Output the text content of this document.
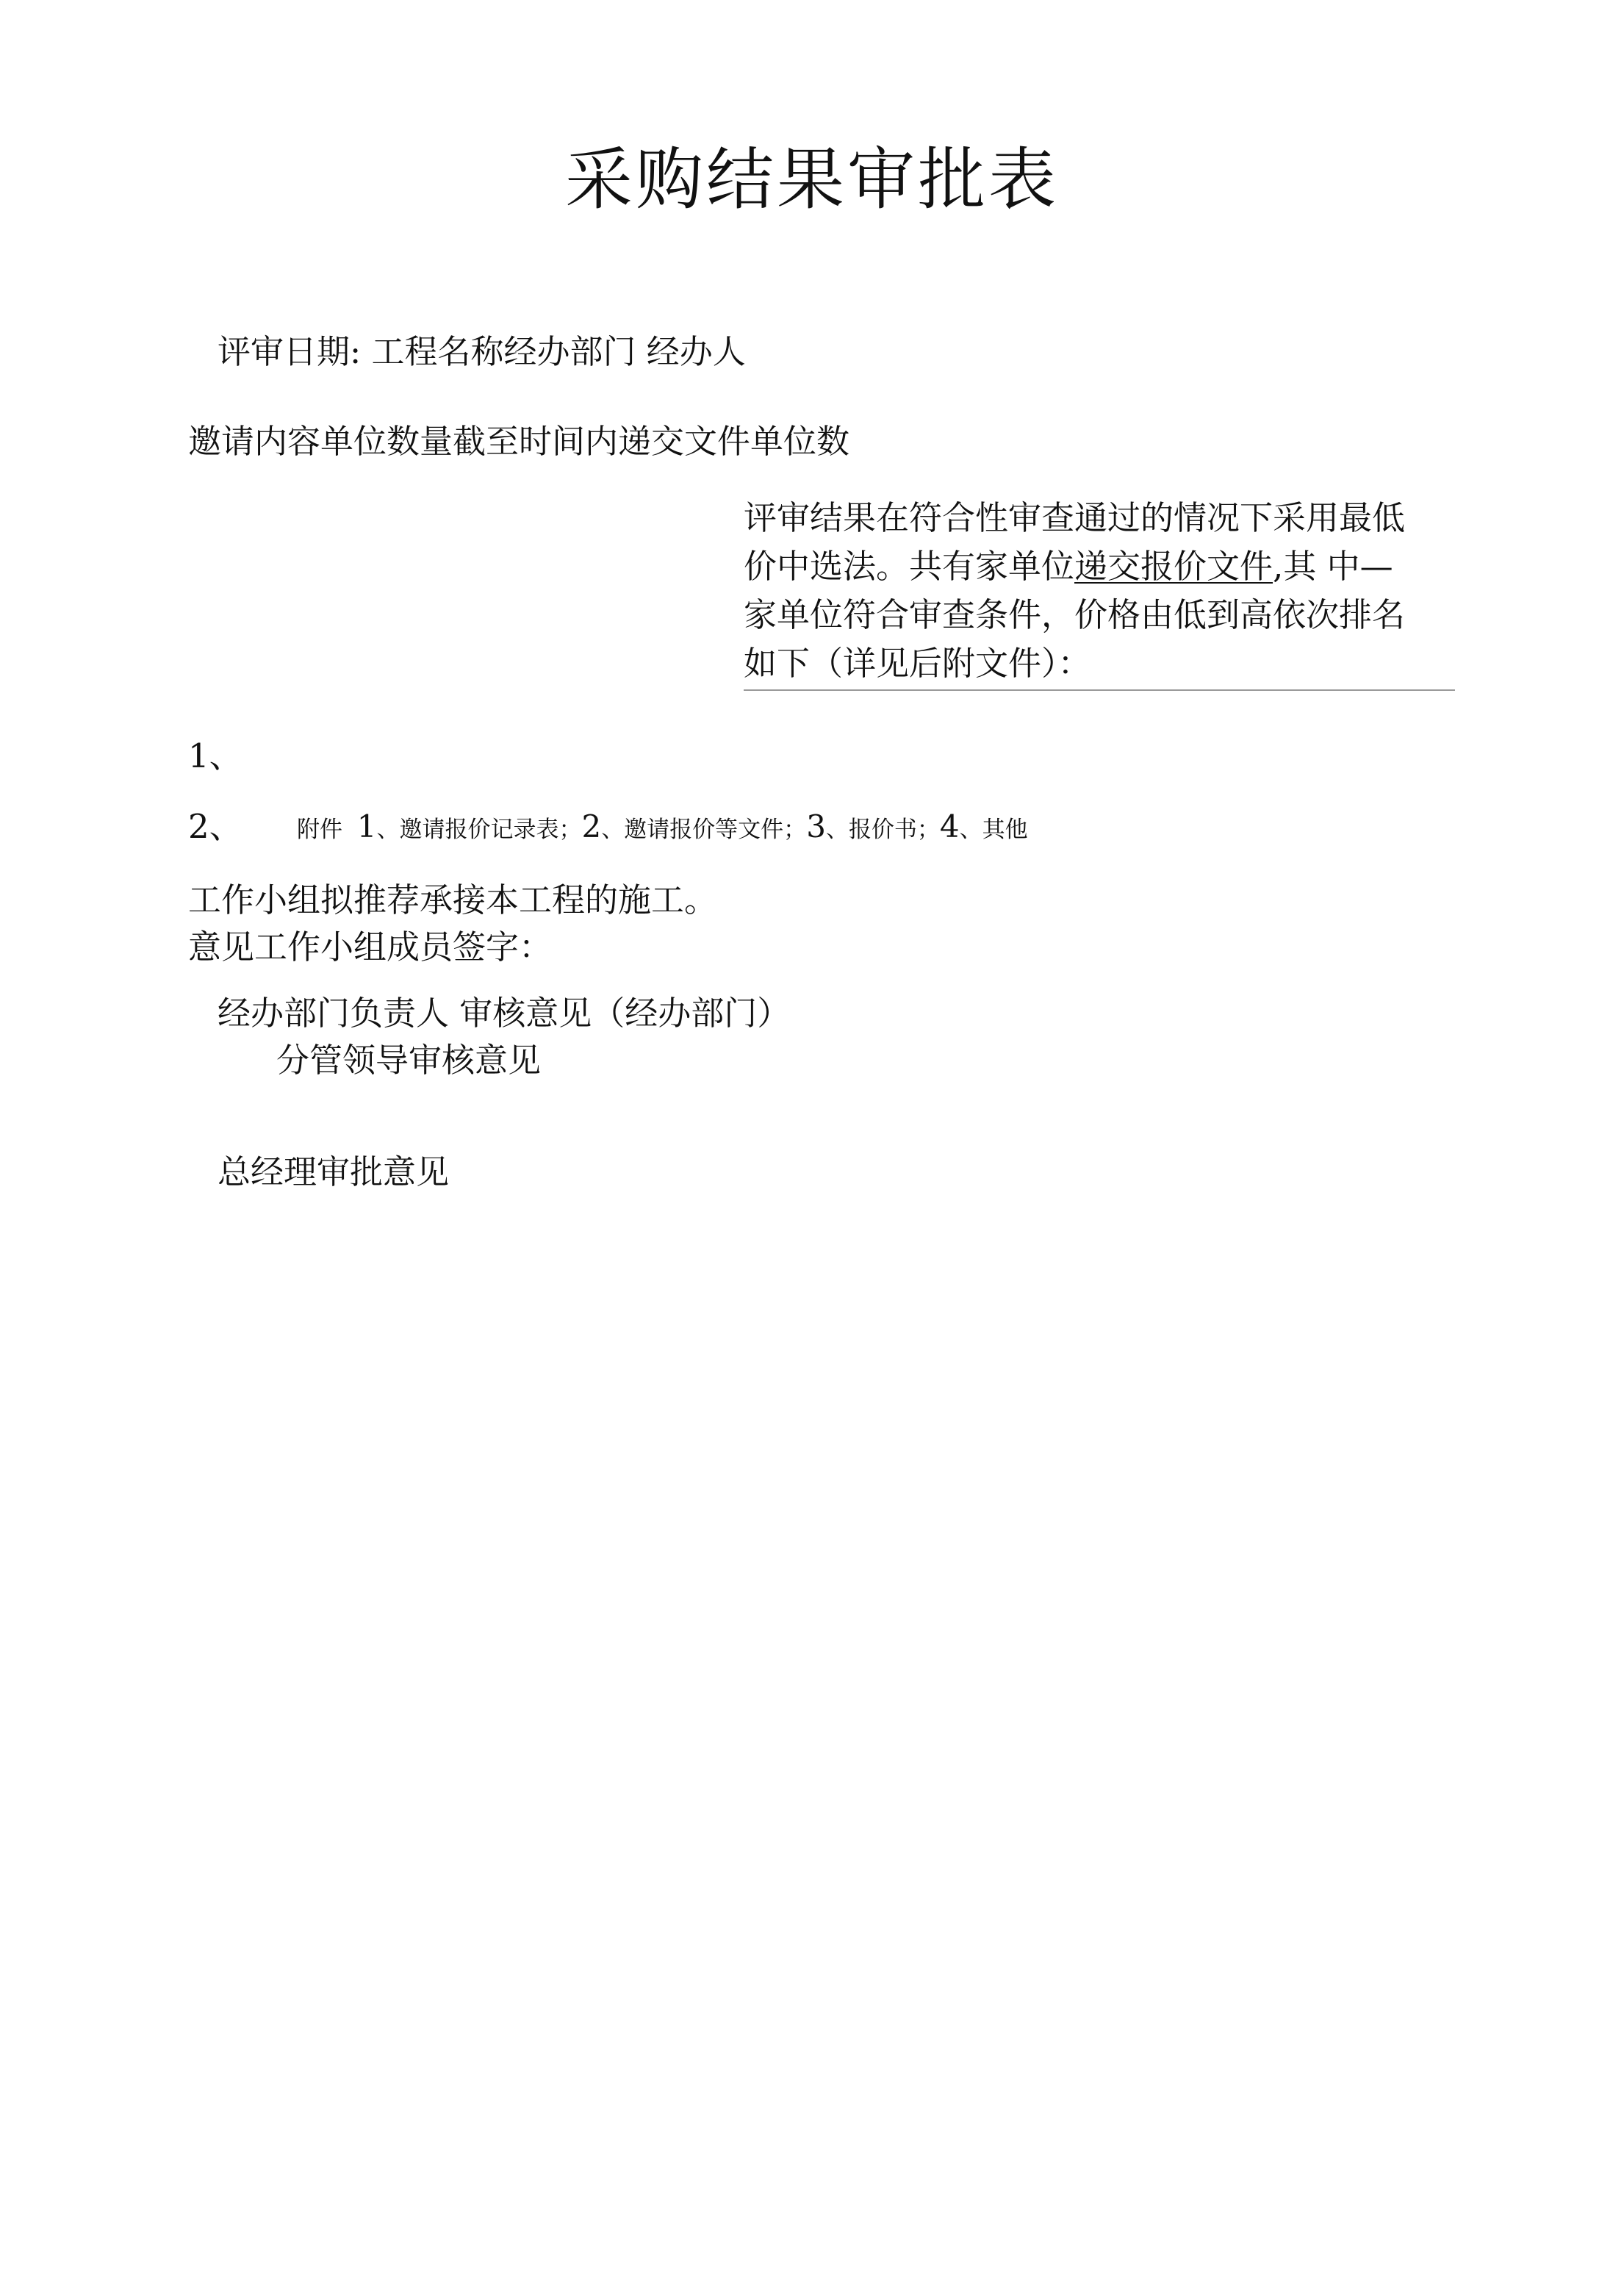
采购结果审批表
评审日期: 工程名称经办部门 经办人
邀请内容单位数量截至时间内递交文件单位数
评审结果在符合性审查通过的情况下采用最低
价中选法。共有家单位递交报价文件,其 中—
家单位符合审查条件，价格由低到高依次排名
如下（详见后附文件）：
1、
2、 附件 1、邀请报价记录表；2、邀请报价等文件；3、报价书；4、其他
工作小组拟推荐承接本工程的施工。
意见工作小组成员签字：
经办部门负责人 审核意见（经办部门）
分管领导审核意见
总经理审批意见
